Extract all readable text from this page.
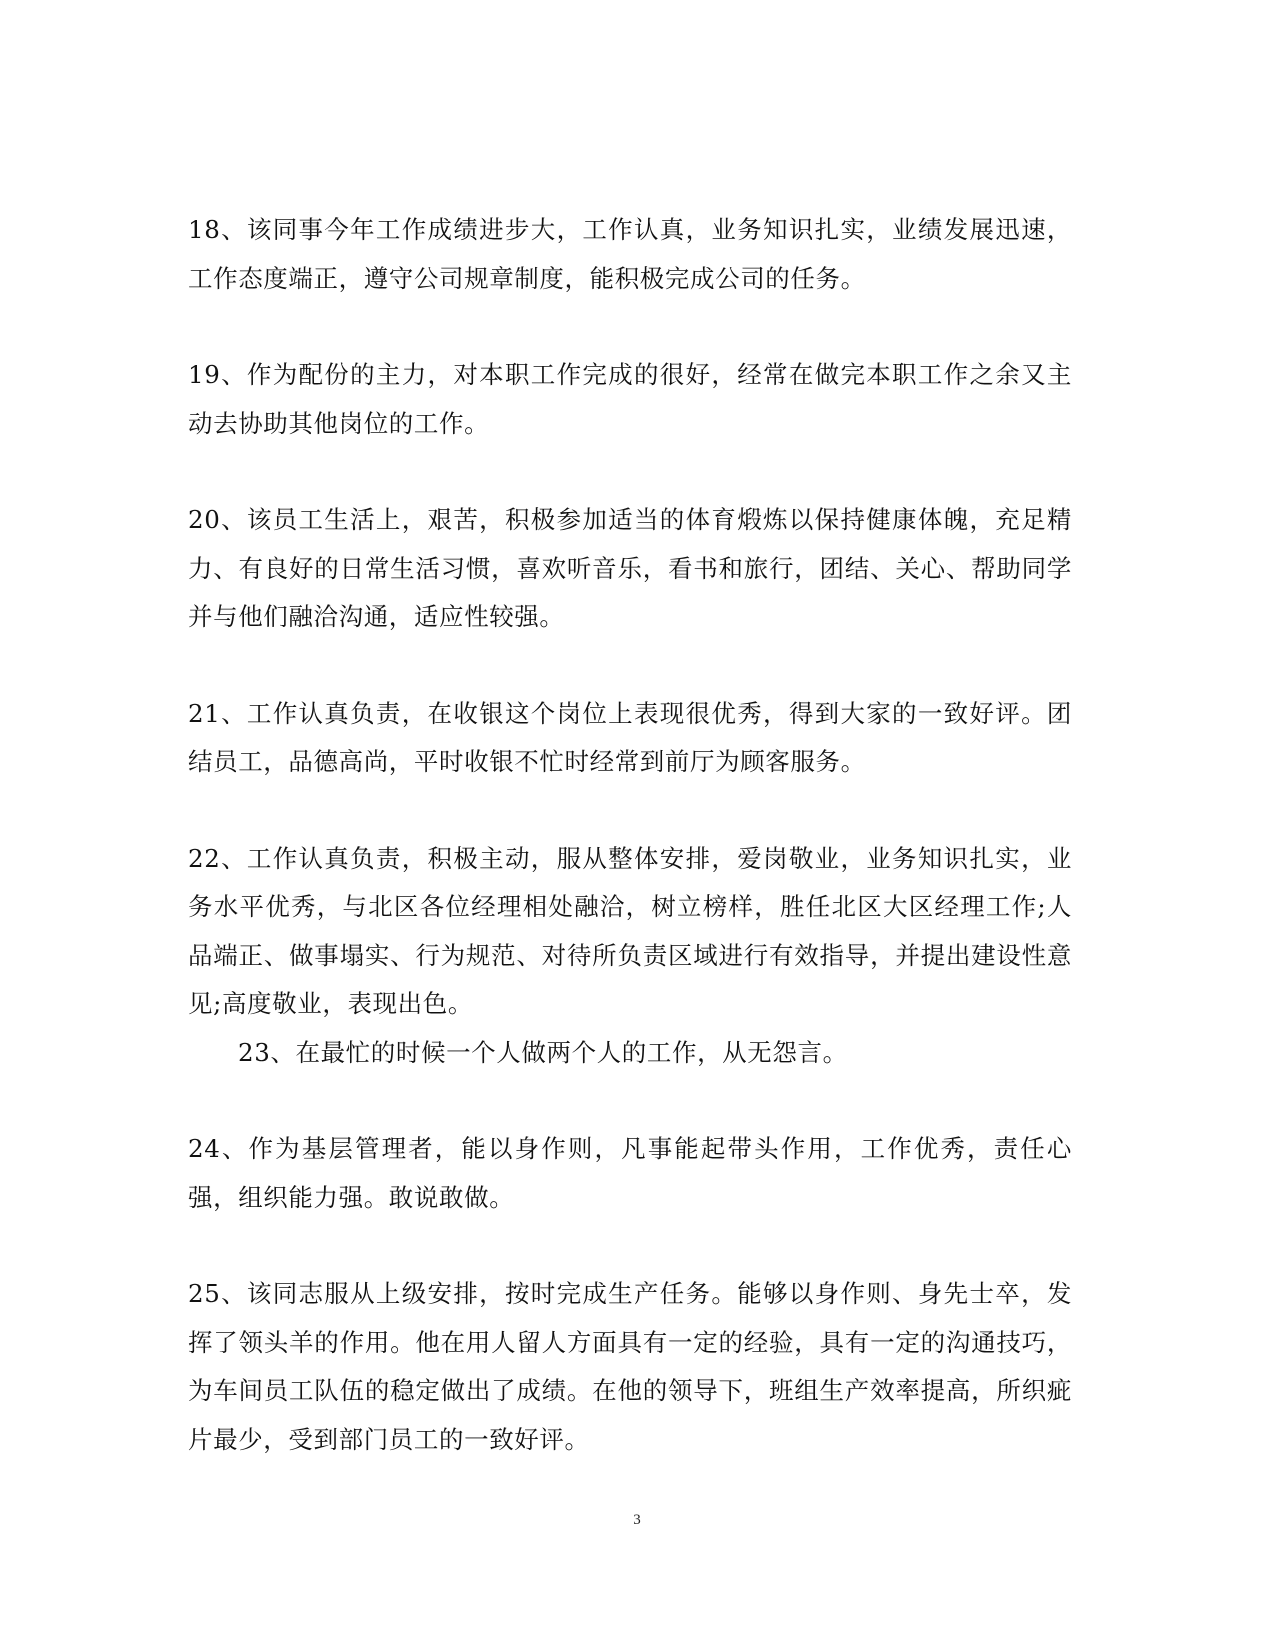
18、该同事今年工作成绩进步大，工作认真，业务知识扎实，业绩发展迅速，工作态度端正，遵守公司规章制度，能积极完成公司的任务。

19、作为配份的主力，对本职工作完成的很好，经常在做完本职工作之余又主动去协助其他岗位的工作。

20、该员工生活上，艰苦，积极参加适当的体育煅炼以保持健康体魄，充足精力、有良好的日常生活习惯，喜欢听音乐，看书和旅行，团结、关心、帮助同学并与他们融洽沟通，适应性较强。

21、工作认真负责，在收银这个岗位上表现很优秀，得到大家的一致好评。团结员工，品德高尚，平时收银不忙时经常到前厅为顾客服务。

22、工作认真负责，积极主动，服从整体安排，爱岗敬业，业务知识扎实，业务水平优秀，与北区各位经理相处融洽，树立榜样，胜任北区大区经理工作;人品端正、做事塌实、行为规范、对待所负责区域进行有效指导，并提出建设性意见;高度敬业，表现出色。

23、在最忙的时候一个人做两个人的工作，从无怨言。

24、作为基层管理者，能以身作则，凡事能起带头作用，工作优秀，责任心强，组织能力强。敢说敢做。

25、该同志服从上级安排，按时完成生产任务。能够以身作则、身先士卒，发挥了领头羊的作用。他在用人留人方面具有一定的经验，具有一定的沟通技巧，为车间员工队伍的稳定做出了成绩。在他的领导下，班组生产效率提高，所织疵片最少，受到部门员工的一致好评。

3
